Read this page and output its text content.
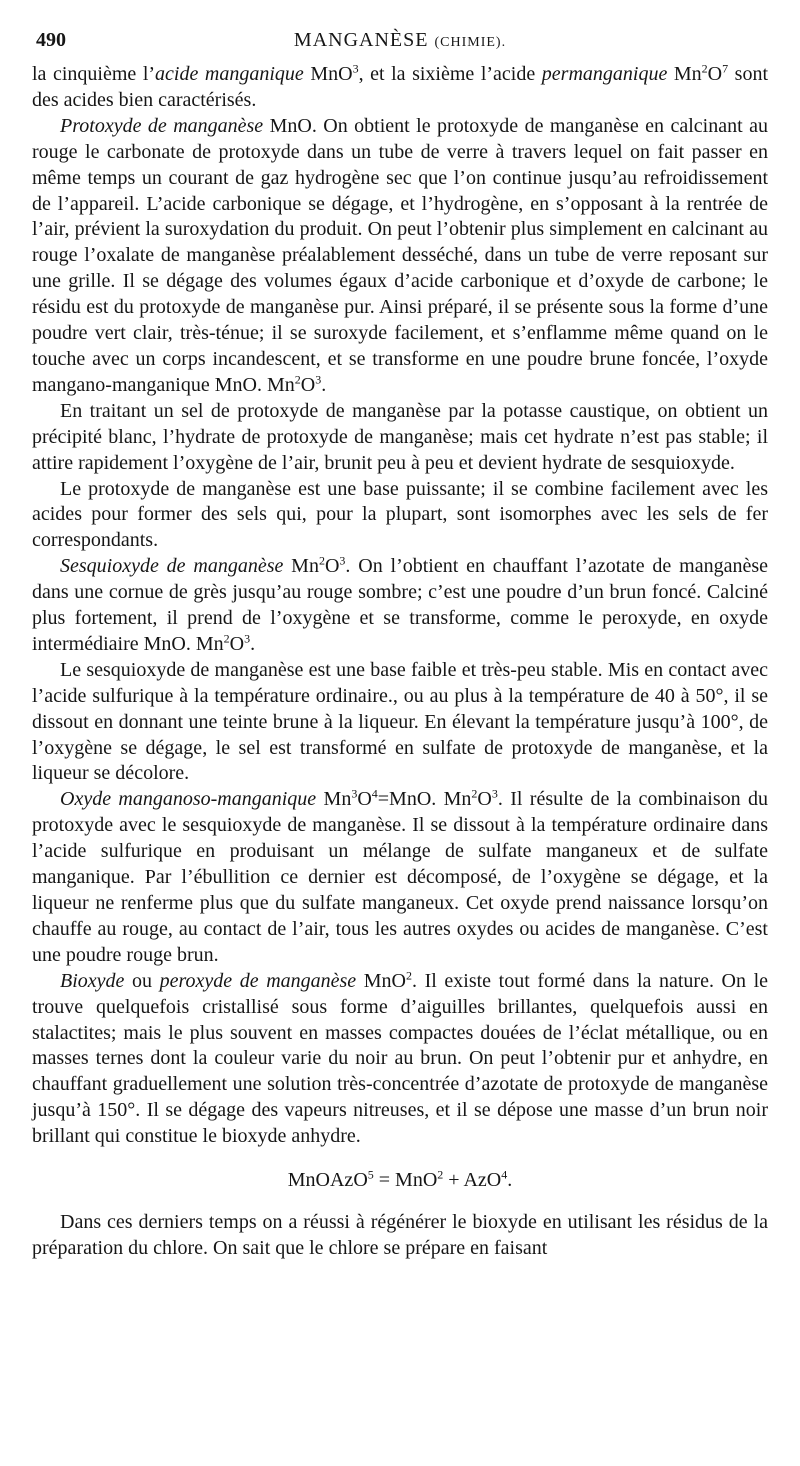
490	MANGANÈSE (CHIMIE).

la cinquième l’acide manganique MnO$^3$, et la sixième l’acide permanganique $Mn^2O^7$ sont des acides bien caractérisés.

Protoxyde de manganèse MnO. On obtient le protoxyde de manganèse en calcinant au rouge le carbonate de protoxyde dans un tube de verre à travers lequel on fait passer en même temps un courant de gaz hydrogène sec que l’on continue jusqu’au refroidissement de l’appareil. L’acide carbonique se dégage, et l’hydrogène, en s’opposant à la rentrée de l’air, prévient la suroxydation du produit. On peut l’obtenir plus simplement en calcinant au rouge l’oxalate de manganèse préalablement desséché, dans un tube de verre reposant sur une grille. Il se dégage des volumes égaux d’acide carbonique et d’oxyde de carbone; le résidu est du protoxyde de manganèse pur. Ainsi préparé, il se présente sous la forme d’une poudre vert clair, très-ténue; il se suroxyde facilement, et s’enflamme même quand on le touche avec un corps incandescent, et se transforme en une poudre brune foncée, l’oxyde mangano-manganique MnO. $Mn^2O^3$.

En traitant un sel de protoxyde de manganèse par la potasse caustique, on obtient un précipité blanc, l’hydrate de protoxyde de manganèse; mais cet hydrate n’est pas stable; il attire rapidement l’oxygène de l’air, brunit peu à peu et devient hydrate de sesquioxyde.

Le protoxyde de manganèse est une base puissante; il se combine facilement avec les acides pour former des sels qui, pour la plupart, sont isomorphes avec les sels de fer correspondants.

Sesquioxyde de manganèse $Mn^2O^3$. On l’obtient en chauffant l’azotate de manganèse dans une cornue de grès jusqu’au rouge sombre; c’est une poudre d’un brun foncé. Calciné plus fortement, il prend de l’oxygène et se transforme, comme le peroxyde, en oxyde intermédiaire MnO. $Mn^2O^3$.

Le sesquioxyde de manganèse est une base faible et très-peu stable. Mis en contact avec l’acide sulfurique à la température ordinaire., ou au plus à la température de 40 à 50°, il se dissout en donnant une teinte brune à la liqueur. En élevant la température jusqu’à 100°, de l’oxygène se dégage, le sel est transformé en sulfate de protoxyde de manganèse, et la liqueur se décolore.

Oxyde manganoso-manganique $Mn^3O^4=MnO$. $Mn^2O^3$. Il résulte de la combinaison du protoxyde avec le sesquioxyde de manganèse. Il se dissout à la température ordinaire dans l’acide sulfurique en produisant un mélange de sulfate manganeux et de sulfate manganique. Par l’ébullition ce dernier est décomposé, de l’oxygène se dégage, et la liqueur ne renferme plus que du sulfate manganeux. Cet oxyde prend naissance lorsqu’on chauffe au rouge, au contact de l’air, tous les autres oxydes ou acides de manganèse. C’est une poudre rouge brun.

Bioxyde ou peroxyde de manganèse MnO$^2$. Il existe tout formé dans la nature. On le trouve quelquefois cristallisé sous forme d’aiguilles brillantes, quelquefois aussi en stalactites; mais le plus souvent en masses compactes douées de l’éclat métallique, ou en masses ternes dont la couleur varie du noir au brun. On peut l’obtenir pur et anhydre, en chauffant graduellement une solution très-concentrée d’azotate de protoxyde de manganèse jusqu’à 150°. Il se dégage des vapeurs nitreuses, et il se dépose une masse d’un brun noir brillant qui constitue le bioxyde anhydre.

MnOAzO$^5$ = MnO$^2$ + AzO$^4$.

Dans ces derniers temps on a réussi à régénérer le bioxyde en utilisant les résidus de la préparation du chlore. On sait que le chlore se prépare en faisant
